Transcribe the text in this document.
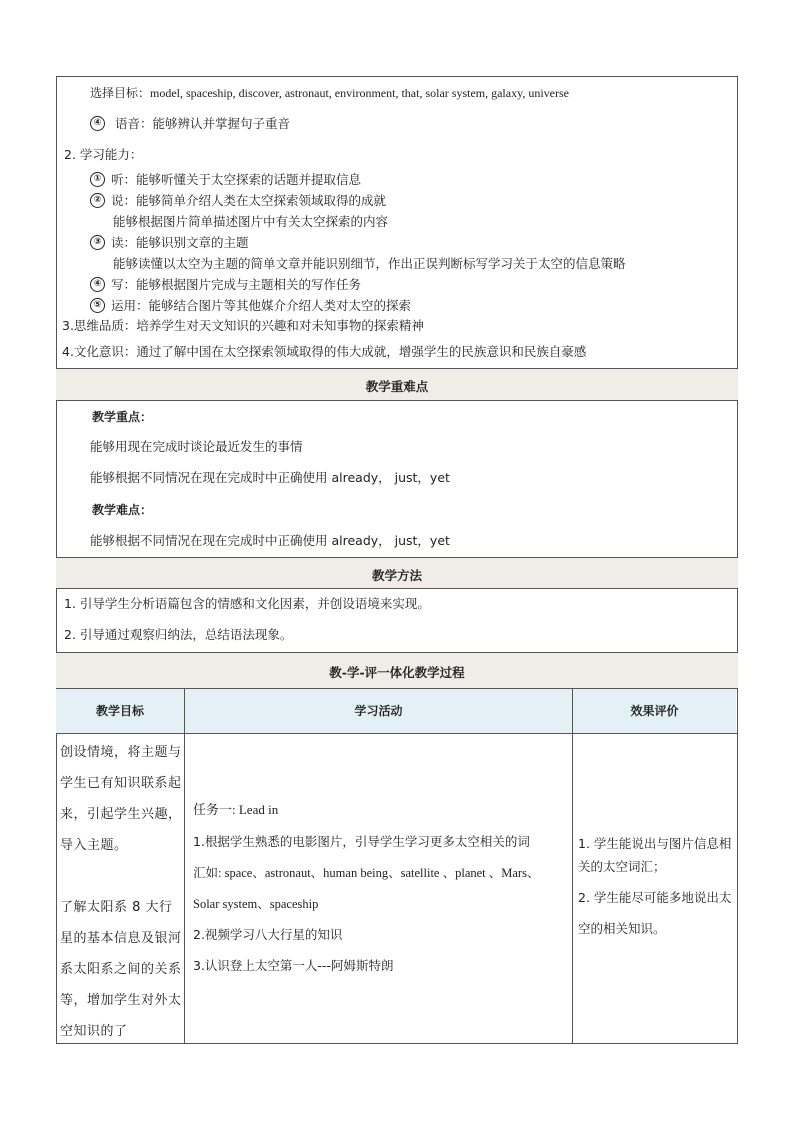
选择目标：model, spaceship, discover, astronaut, environment, that, solar system, galaxy, universe
④ 语音：能够辨认并掌握句子重音
2. 学习能力：
① 听：能够听懂关于太空探索的话题并提取信息
② 说：能够简单介绍人类在太空探索领域取得的成就
能够根据图片简单描述图片中有关太空探索的内容
③ 读：能够识别文章的主题
能够读懂以太空为主题的简单文章并能识别细节，作出正误判断标写学习关于太空的信息策略
④ 写：能够根据图片完成与主题相关的写作任务
⑤ 运用：能够结合图片等其他媒介介绍人类对太空的探索
3.思维品质：培养学生对天文知识的兴趣和对未知事物的探索精神
4.文化意识：通过了解中国在太空探索领域取得的伟大成就，增强学生的民族意识和民族自豪感
教学重难点
教学重点：
能够用现在完成时谈论最近发生的事情
能够根据不同情况在现在完成时中正确使用 already， just，yet
教学难点：
能够根据不同情况在现在完成时中正确使用 already， just，yet
教学方法
1. 引导学生分析语篇包含的情感和文化因素，并创设语境来实现。
2. 引导通过观察归纳法，总结语法现象。
教-学-评一体化教学过程
教学目标	学习活动	效果评价
创设情境，将主题与学生已有知识联系起来，引起学生兴趣，导入主题。
了解太阳系 8 大行星的基本信息及银河系太阳系之间的关系等，增加学生对外太空知识的了
任务一: Lead in
1.根据学生熟悉的电影图片，引导学生学习更多太空相关的词
汇如: space、astronaut、human being、satellite 、planet 、Mars、
Solar system、spaceship
2.视频学习八大行星的知识
3.认识登上太空第一人---阿姆斯特朗
1. 学生能说出与图片信息相关的太空词汇；
2. 学生能尽可能多地说出太空的相关知识。
